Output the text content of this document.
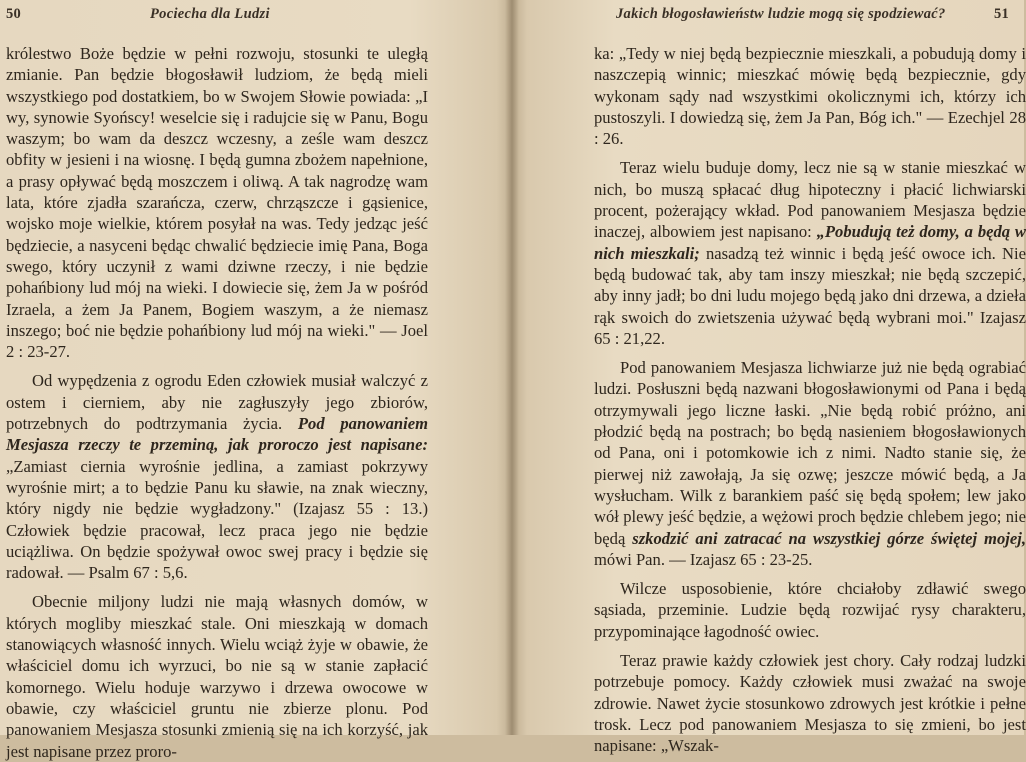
50	Pociecha dla Ludzi

królestwo Boże będzie w pełni rozwoju, stosunki te uległą zmianie. Pan będzie błogosławił ludziom, że będą mieli wszystkiego pod dostatkiem, bo w Swojem Słowie powiada: „I wy, synowie Syońscy! weselcie się i radujcie się w Panu, Bogu waszym; bo wam da deszcz wczesny, a ześle wam deszcz obfity w jesieni i na wiosnę. I będą gumna zbożem napełnione, a prasy opływać będą moszczem i oliwą. A tak nagrodzę wam lata, które zjadła szarańcza, czerw, chrząszcze i gąsienice, wojsko moje wielkie, którem posyłał na was. Tedy jedząc jeść będziecie, a nasyceni będąc chwalić będziecie imię Pana, Boga swego, który uczynił z wami dziwne rzeczy, i nie będzie pohańbiony lud mój na wieki. I dowiecie się, żem Ja w pośród Izraela, a żem Ja Panem, Bogiem waszym, a że niemasz inszego; boć nie będzie pohańbiony lud mój na wieki." — Joel 2 : 23-27.

Od wypędzenia z ogrodu Eden człowiek musiał walczyć z ostem i cierniem, aby nie zagłuszyły jego zbiorów, potrzebnych do podtrzymania życia. Pod panowaniem Mesjasza rzeczy te przeminą, jak proroczo jest napisane: „Zamiast ciernia wyrośnie jedlina, a zamiast pokrzywy wyrośnie mirt; a to będzie Panu ku sławie, na znak wieczny, który nigdy nie będzie wygładzony." (Izajasz 55 : 13.) Człowiek będzie pracował, lecz praca jego nie będzie uciążliwa. On będzie spożywał owoc swej pracy i będzie się radował. — Psalm 67 : 5,6.

Obecnie miljony ludzi nie mają własnych domów, w których mogliby mieszkać stale. Oni mieszkają w domach stanowiących własność innych. Wielu wciąż żyje w obawie, że właściciel domu ich wyrzuci, bo nie są w stanie zapłacić komornego. Wielu hoduje warzywo i drzewa owocowe w obawie, czy właściciel gruntu nie zbierze plonu. Pod panowaniem Mesjasza stosunki zmienią się na ich korzyść, jak jest napisane przez proro-

Jakich błogosławieństw ludzie mogą się spodziewać?	51

ka: „Tedy w niej będą bezpiecznie mieszkali, a pobudują domy i naszczepią winnic; mieszkać mówię będą bezpiecznie, gdy wykonam sądy nad wszystkimi okolicznymi ich, którzy ich pustoszyli. I dowiedzą się, żem Ja Pan, Bóg ich." — Ezechjel 28 : 26.

Teraz wielu buduje domy, lecz nie są w stanie mieszkać w nich, bo muszą spłacać dług hipoteczny i płacić lichwiarski procent, pożerający wkład. Pod panowaniem Mesjasza będzie inaczej, albowiem jest napisano: „Pobudują też domy, a będą w nich mieszkali; nasadzą też winnic i będą jeść owoce ich. Nie będą budować tak, aby tam inszy mieszkał; nie będą szczepić, aby inny jadł; bo dni ludu mojego będą jako dni drzewa, a dzieła rąk swoich do zwietszenia używać będą wybrani moi." Izajasz 65 : 21,22.

Pod panowaniem Mesjasza lichwiarze już nie będą ograbiać ludzi. Posłuszni będą nazwani błogosławionymi od Pana i będą otrzymywali jego liczne łaski. „Nie będą robić próżno, ani płodzić będą na postrach; bo będą nasieniem błogosławionych od Pana, oni i potomkowie ich z nimi. Nadto stanie się, że pierwej niż zawołają, Ja się ozwę; jeszcze mówić będą, a Ja wysłucham. Wilk z barankiem paść się będą społem; lew jako wół plewy jeść będzie, a wężowi proch będzie chlebem jego; nie będą szkodzić ani zatracać na wszystkiej górze świętej mojej, mówi Pan. — Izajasz 65 : 23-25.

Wilcze usposobienie, które chciałoby zdławić swego sąsiada, przeminie. Ludzie będą rozwijać rysy charakteru, przypominające łagodność owiec.

Teraz prawie każdy człowiek jest chory. Cały rodzaj ludzki potrzebuje pomocy. Każdy człowiek musi zważać na swoje zdrowie. Nawet życie stosunkowo zdrowych jest krótkie i pełne trosk. Lecz pod panowaniem Mesjasza to się zmieni, bo jest napisane: „Wszak-
